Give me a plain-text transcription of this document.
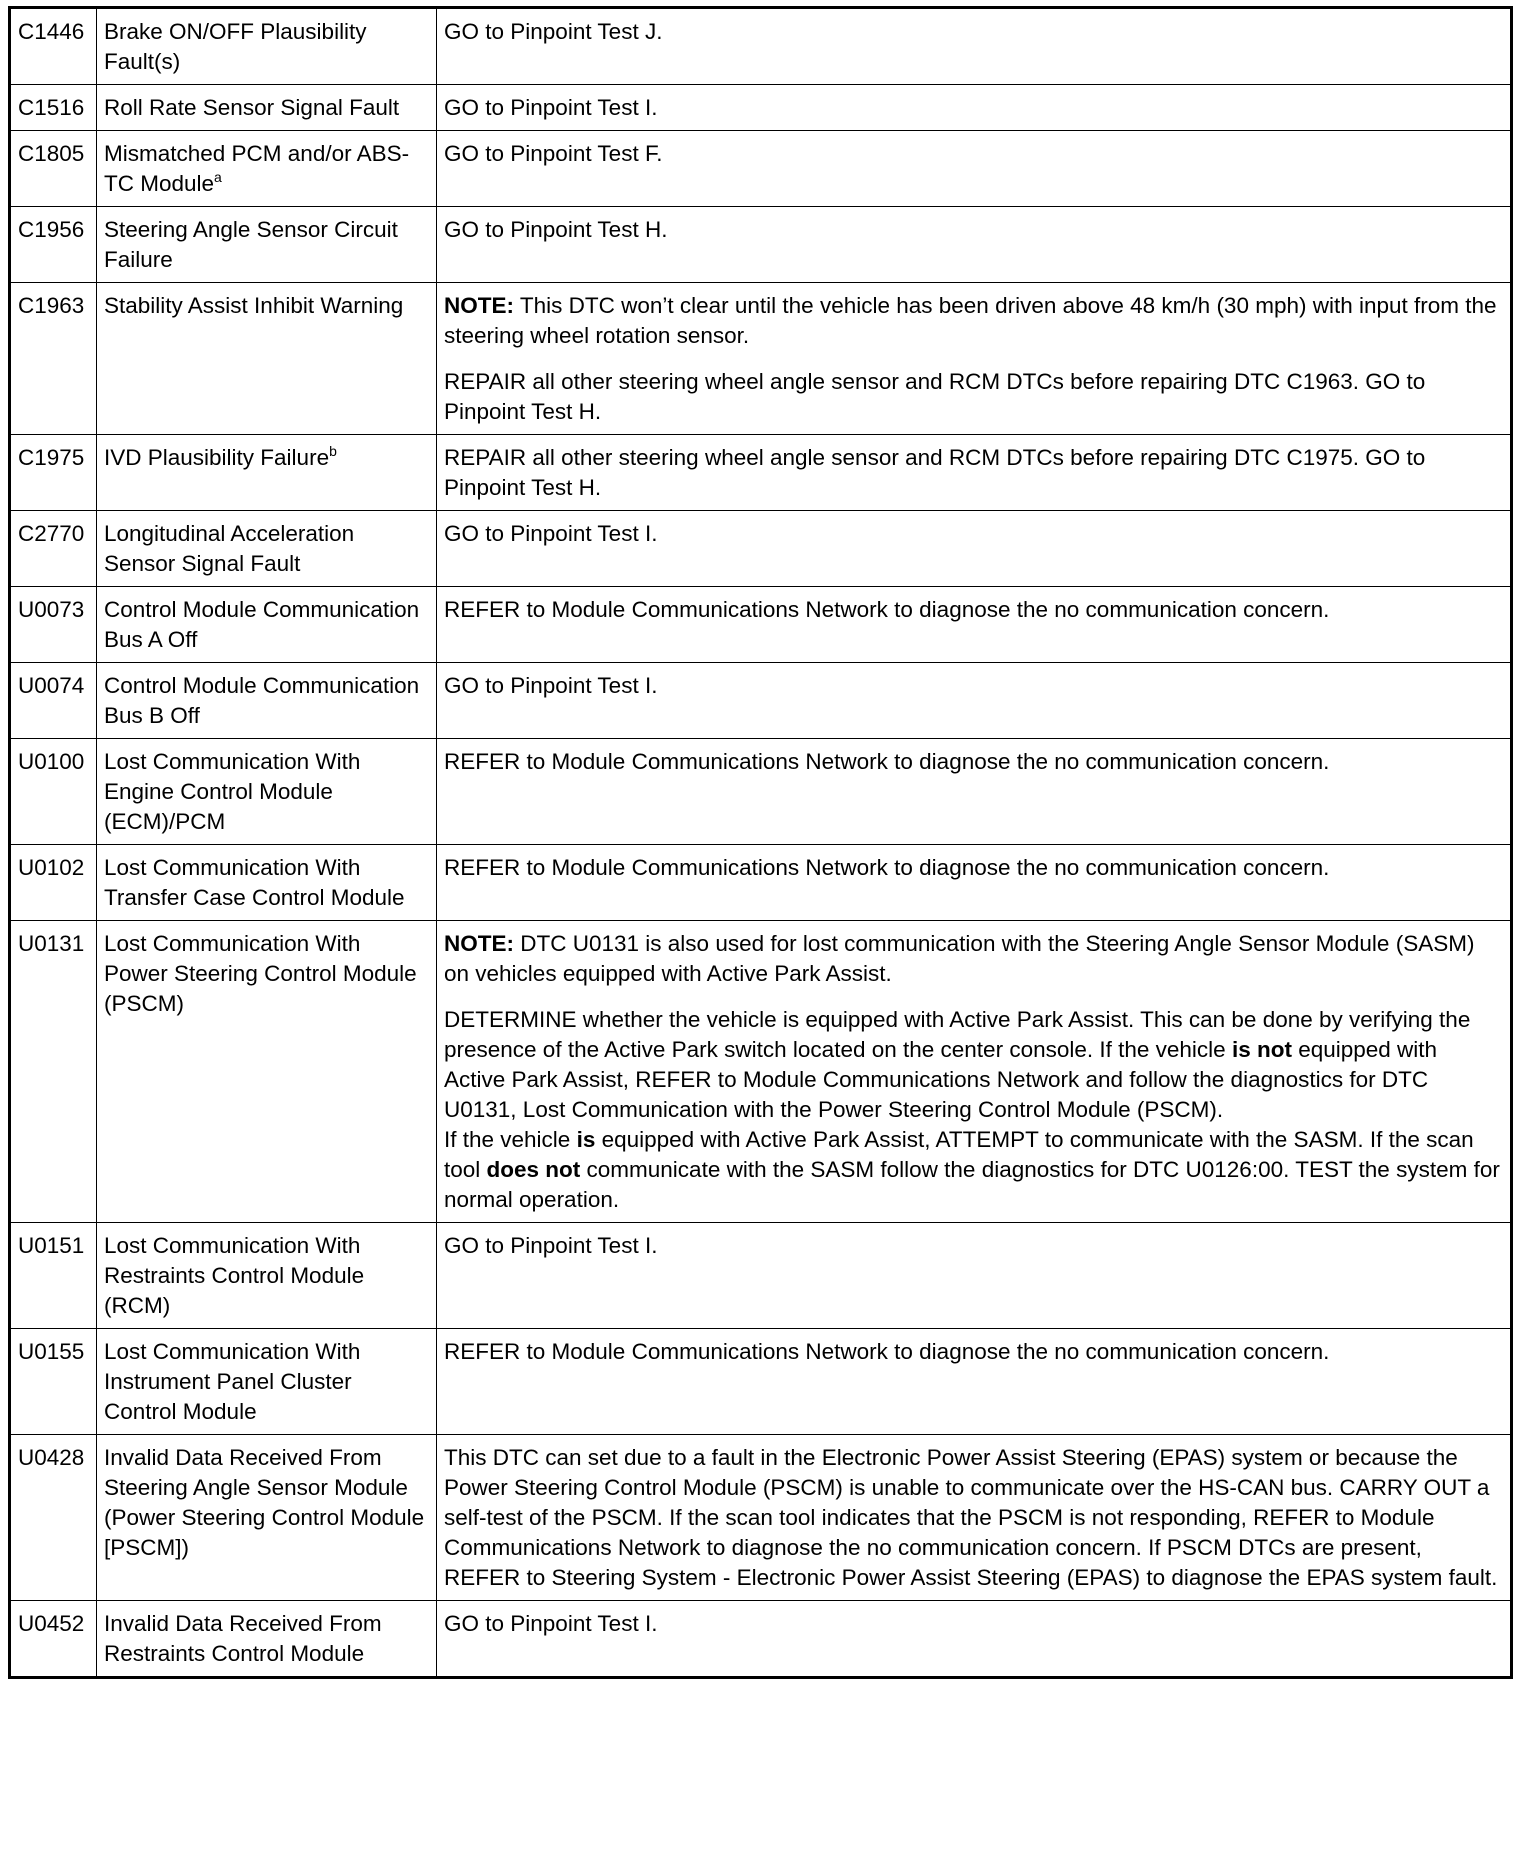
C1446	Brake ON/OFF Plausibility Fault(s)	GO to Pinpoint Test J.
C1516	Roll Rate Sensor Signal Fault	GO to Pinpoint Test I.
C1805	Mismatched PCM and/or ABS-TC Module$^a$	GO to Pinpoint Test F.
C1956	Steering Angle Sensor Circuit Failure	GO to Pinpoint Test H.
C1963	Stability Assist Inhibit Warning	NOTE: This DTC won’t clear until the vehicle has been driven above 48 km/h (30 mph) with input from the steering wheel rotation sensor.

REPAIR all other steering wheel angle sensor and RCM DTCs before repairing DTC C1963. GO to Pinpoint Test H.

C1975	IVD Plausibility Failure$^b$	REPAIR all other steering wheel angle sensor and RCM DTCs before repairing DTC C1975. GO to Pinpoint Test H.
C2770	Longitudinal Acceleration Sensor Signal Fault	GO to Pinpoint Test I.
U0073	Control Module Communication Bus A Off	REFER to Module Communications Network to diagnose the no communication concern.
U0074	Control Module Communication Bus B Off	GO to Pinpoint Test I.
U0100	Lost Communication With Engine Control Module (ECM)/PCM	REFER to Module Communications Network to diagnose the no communication concern.
U0102	Lost Communication With Transfer Case Control Module	REFER to Module Communications Network to diagnose the no communication concern.
U0131	Lost Communication With Power Steering Control Module (PSCM)	NOTE: DTC U0131 is also used for lost communication with the Steering Angle Sensor Module (SASM) on vehicles equipped with Active Park Assist.

DETERMINE whether the vehicle is equipped with Active Park Assist. This can be done by verifying the presence of the Active Park switch located on the center console. If the vehicle is not equipped with Active Park Assist, REFER to Module Communications Network and follow the diagnostics for DTC U0131, Lost Communication with the Power Steering Control Module (PSCM).

If the vehicle is equipped with Active Park Assist, ATTEMPT to communicate with the SASM. If the scan tool does not communicate with the SASM follow the diagnostics for DTC U0126:00. TEST the system for normal operation.

U0151	Lost Communication With Restraints Control Module (RCM)	GO to Pinpoint Test I.
U0155	Lost Communication With Instrument Panel Cluster Control Module	REFER to Module Communications Network to diagnose the no communication concern.
U0428	Invalid Data Received From Steering Angle Sensor Module (Power Steering Control Module [PSCM])	This DTC can set due to a fault in the Electronic Power Assist Steering (EPAS) system or because the Power Steering Control Module (PSCM) is unable to communicate over the HS-CAN bus. CARRY OUT a self-test of the PSCM. If the scan tool indicates that the PSCM is not responding, REFER to Module Communications Network to diagnose the no communication concern. If PSCM DTCs are present, REFER to Steering System - Electronic Power Assist Steering (EPAS) to diagnose the EPAS system fault.
U0452	Invalid Data Received From Restraints Control Module	GO to Pinpoint Test I.
